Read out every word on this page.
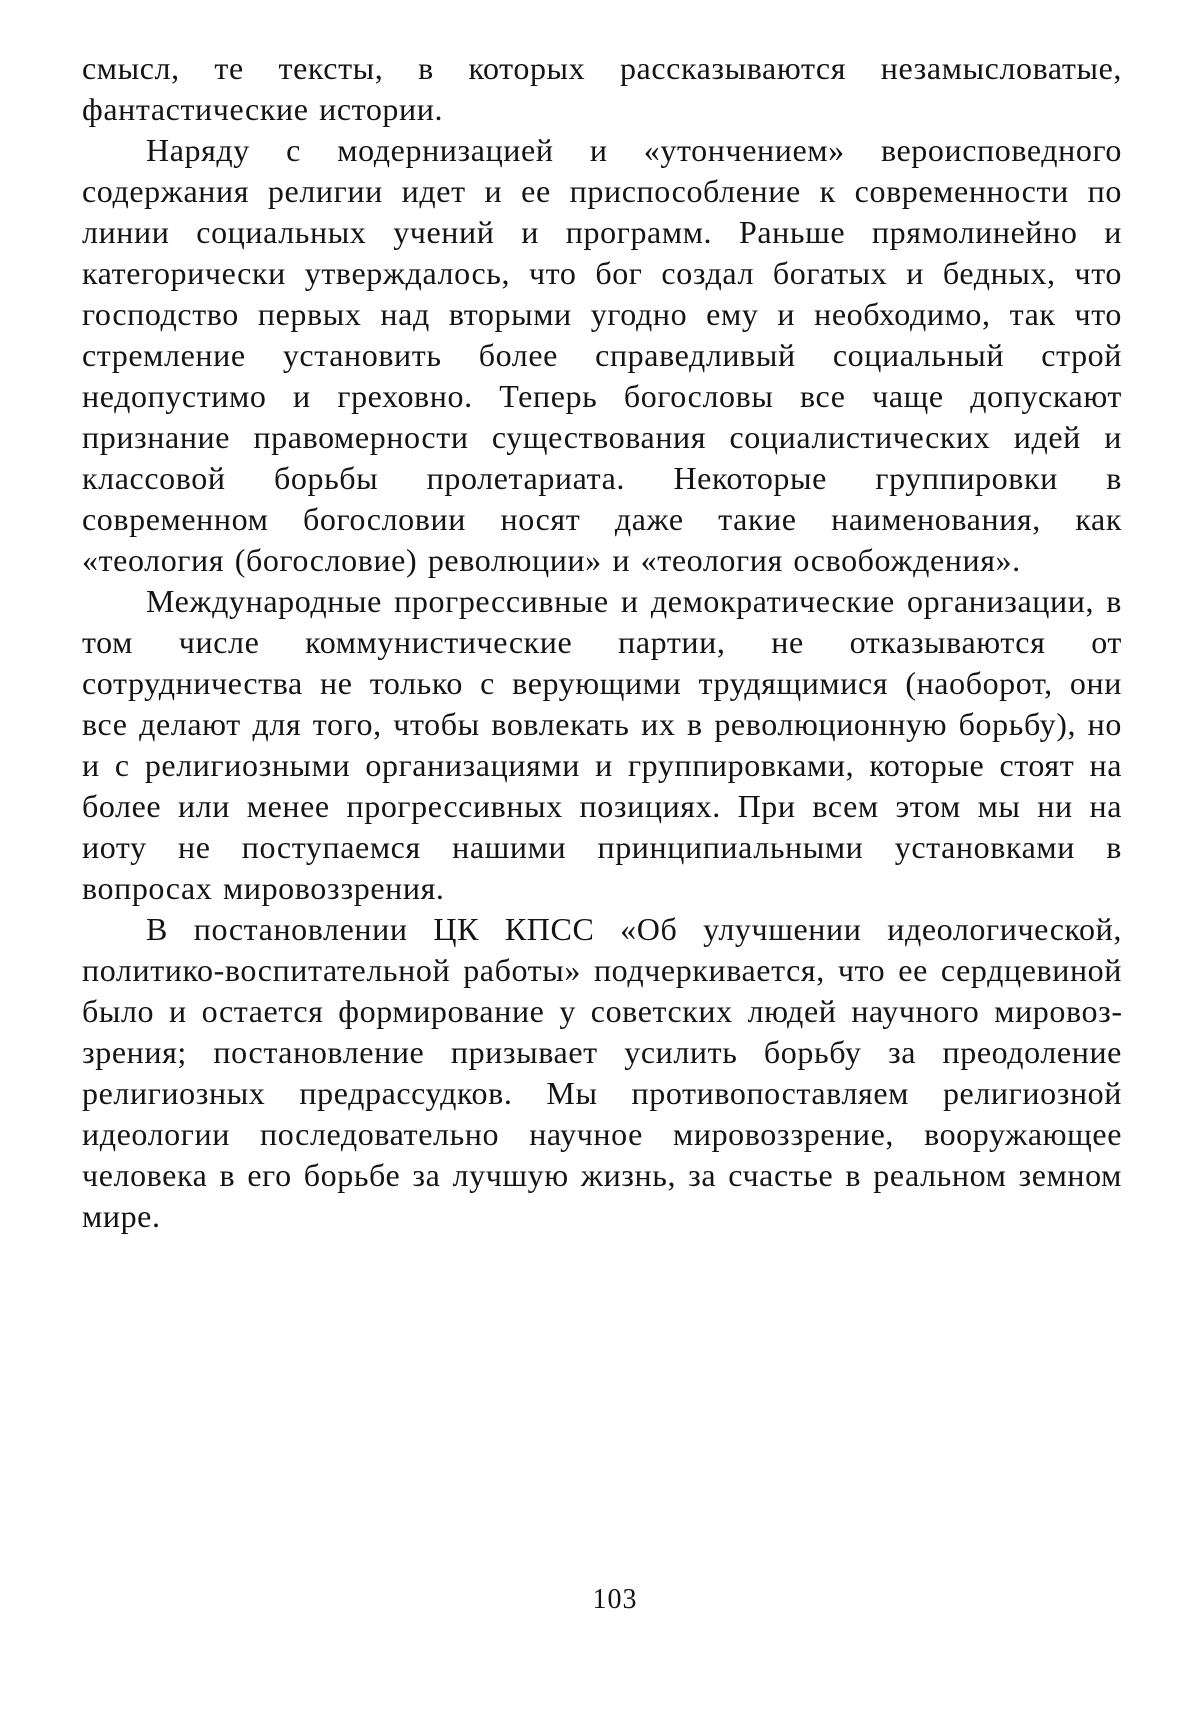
смысл, те тексты, в которых рассказываются незамысловатые, фантастические истории.

Наряду с модернизацией и «утончением» вероисповедного содержания религии идет и ее приспособление к современности по линии социальных учений и программ. Раньше прямолинейно и категорически утверждалось, что бог создал богатых и бедных, что господство первых над вторыми угодно ему и необходимо, так что стремление установить более справедливый социальный строй недопустимо и греховно. Теперь богословы все чаще допускают признание правомерности существования социалистических идей и классовой борьбы пролетариата. Некоторые группировки в современном богословии носят даже такие наименования, как «теология (богословие) революции» и «теология освобождения».

Международные прогрессивные и демократические организации, в том числе коммунистические партии, не отказываются от сотрудничества не только с верующими трудящимися (наоборот, они все делают для того, чтобы вовлекать их в революционную борьбу), но и с религиозными организациями и группировками, которые стоят на более или менее прогрессивных позициях. При всем этом мы ни на иоту не поступаемся нашими принципиальными установками в вопросах мировоззрения.

В постановлении ЦК КПСС «Об улучшении идеологической, политико-воспитательной работы» подчеркивается, что ее сердцевиной было и остается формирование у советских людей научного мировоззрения; постановление призывает усилить борьбу за преодоление религиозных предрассудков. Мы противопоставляем религиозной идеологии последовательно научное мировоззрение, вооружающее человека в его борьбе за лучшую жизнь, за счастье в реальном земном мире.

103
